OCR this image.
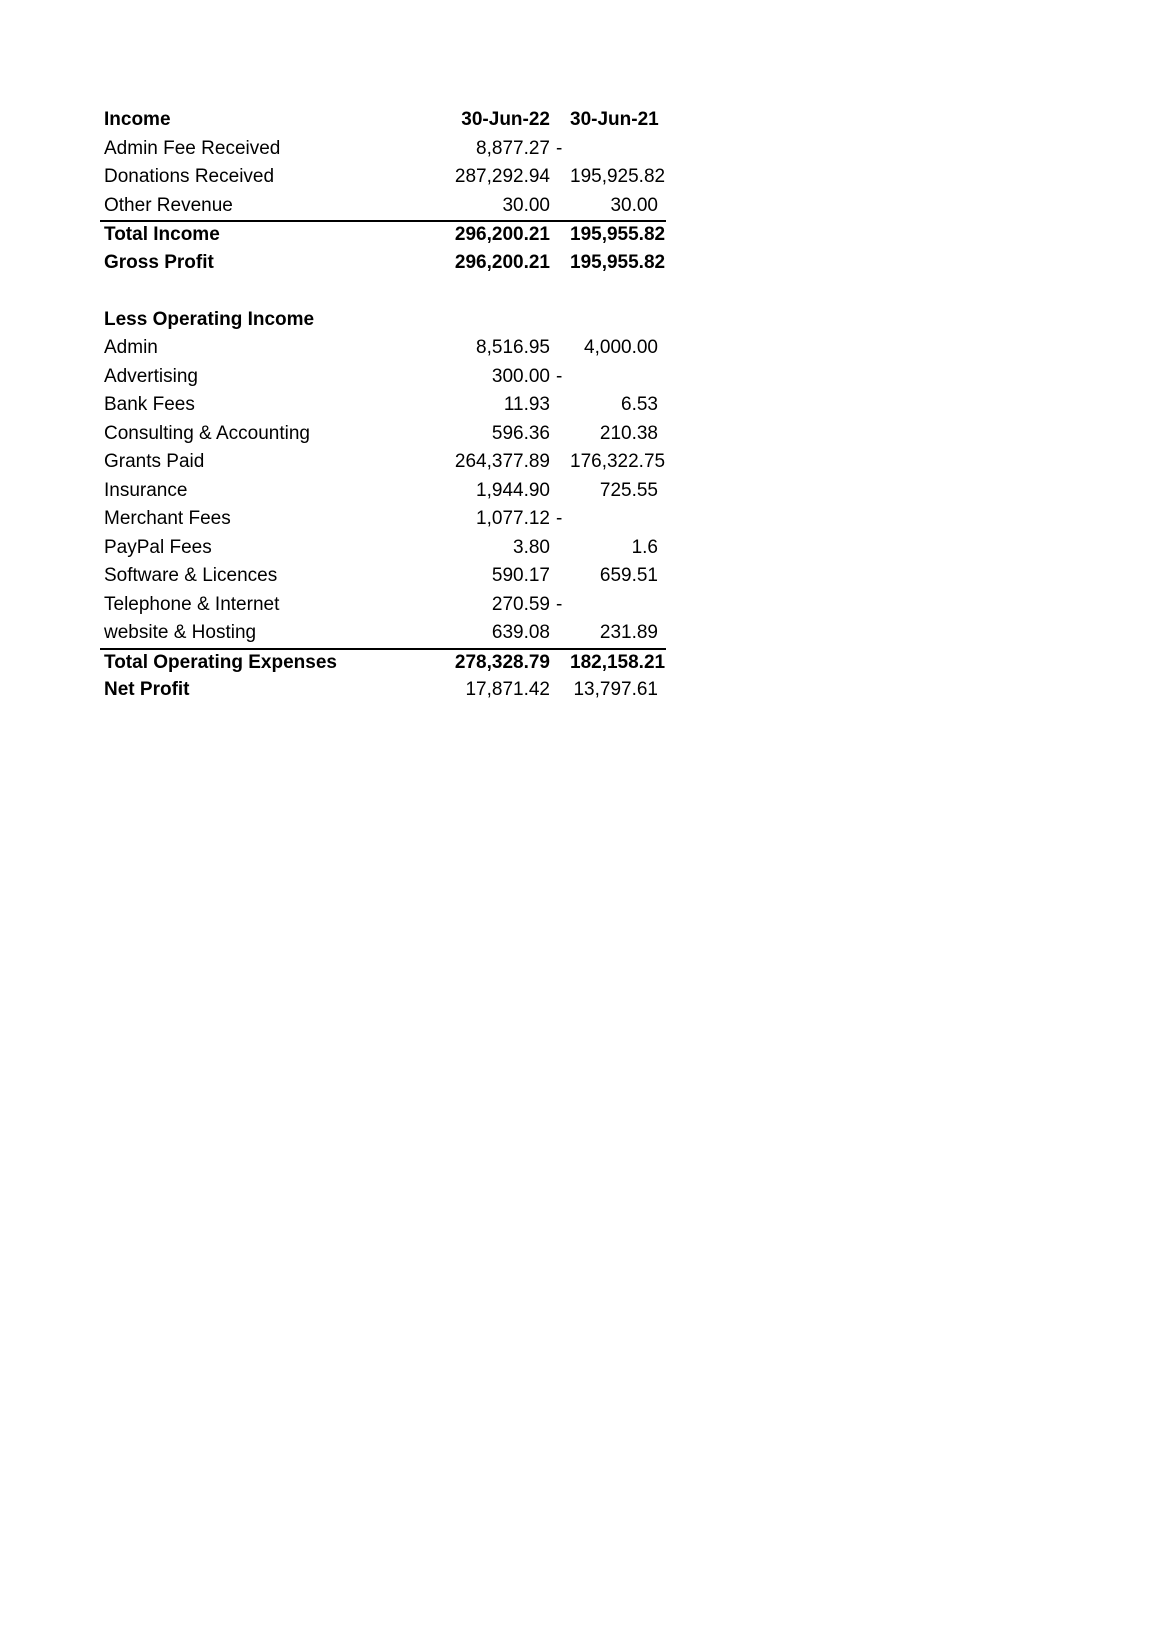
Income	30-Jun-22 30-Jun-21
Admin Fee Received	8,877.27 -
Donations Received	287,292.94 195,925.82
Other Revenue	30.00	30.00
Total Income	296,200.21 195,955.82
Gross Profit	296,200.21 195,955.82
Less Operating Income
Admin	8,516.95	4,000.00
Advertising	300.00 -
Bank Fees	11.93	6.53
Consulting & Accounting	596.36	210.38
Grants Paid	264,377.89 176,322.75
Insurance	1,944.90	725.55
Merchant Fees	1,077.12 -
PayPal Fees	3.80	1.6
Software & Licences	590.17	659.51
Telephone & Internet	270.59 -
website & Hosting	639.08	231.89
Total Operating Expenses	278,328.79 182,158.21
Net Profit	17,871.42 13,797.61
